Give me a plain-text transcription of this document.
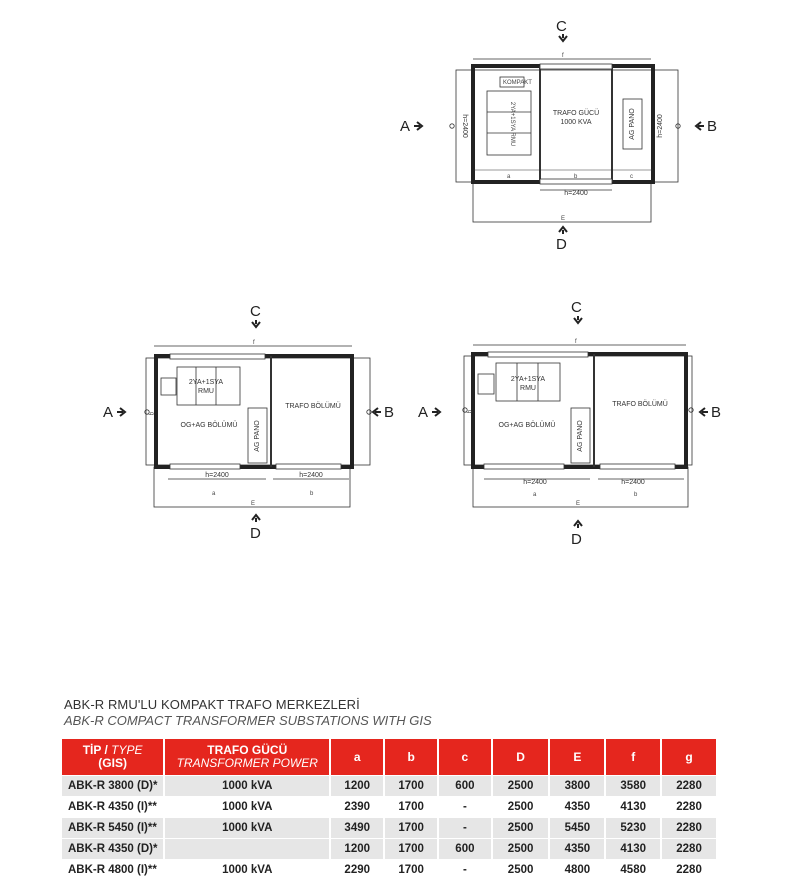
f
KOMPAKT
2YA+1SYA RMU	TRAFO GÜCÜ
1000 KVA	AG PANO
h=2400	h=2400
h=2400
a	b	c
E
C
D
A	B
f
2YA+1SYA
RMU
OG+AG BÖLÜMÜ AG PANO
TRAFO BÖLÜMÜ
h=2400	h=2400
a	b
E
g
C
D
A	B
f
2YA+1SYA
RMU
OG+AG BÖLÜMÜ	AG PANO
TRAFO BÖLÜMÜ
h=2400	h=2400
a	b
E
g
C
D
A	B
ABK-R RMU'LU KOMPAKT TRAFO MERKEZLERİ
ABK-R COMPACT TRANSFORMER SUBSTATIONS WITH GIS
TİP / TYPE
(GIS)	TRAFO GÜCÜ
TRANSFORMER POWER	a	b	c	D	E	f	g
ABK-R 3800 (D)*	1000 kVA	1200	1700	600	2500	3800	3580	2280
ABK-R 4350 (I)**	1000 kVA	2390	1700	-	2500	4350	4130	2280
ABK-R 5450 (I)**	1000 kVA	3490	1700	-	2500	5450	5230	2280
ABK-R 4350 (D)*		1200	1700	600	2500	4350	4130	2280
ABK-R 4800 (I)**	1000 kVA	2290	1700	-	2500	4800	4580	2280
